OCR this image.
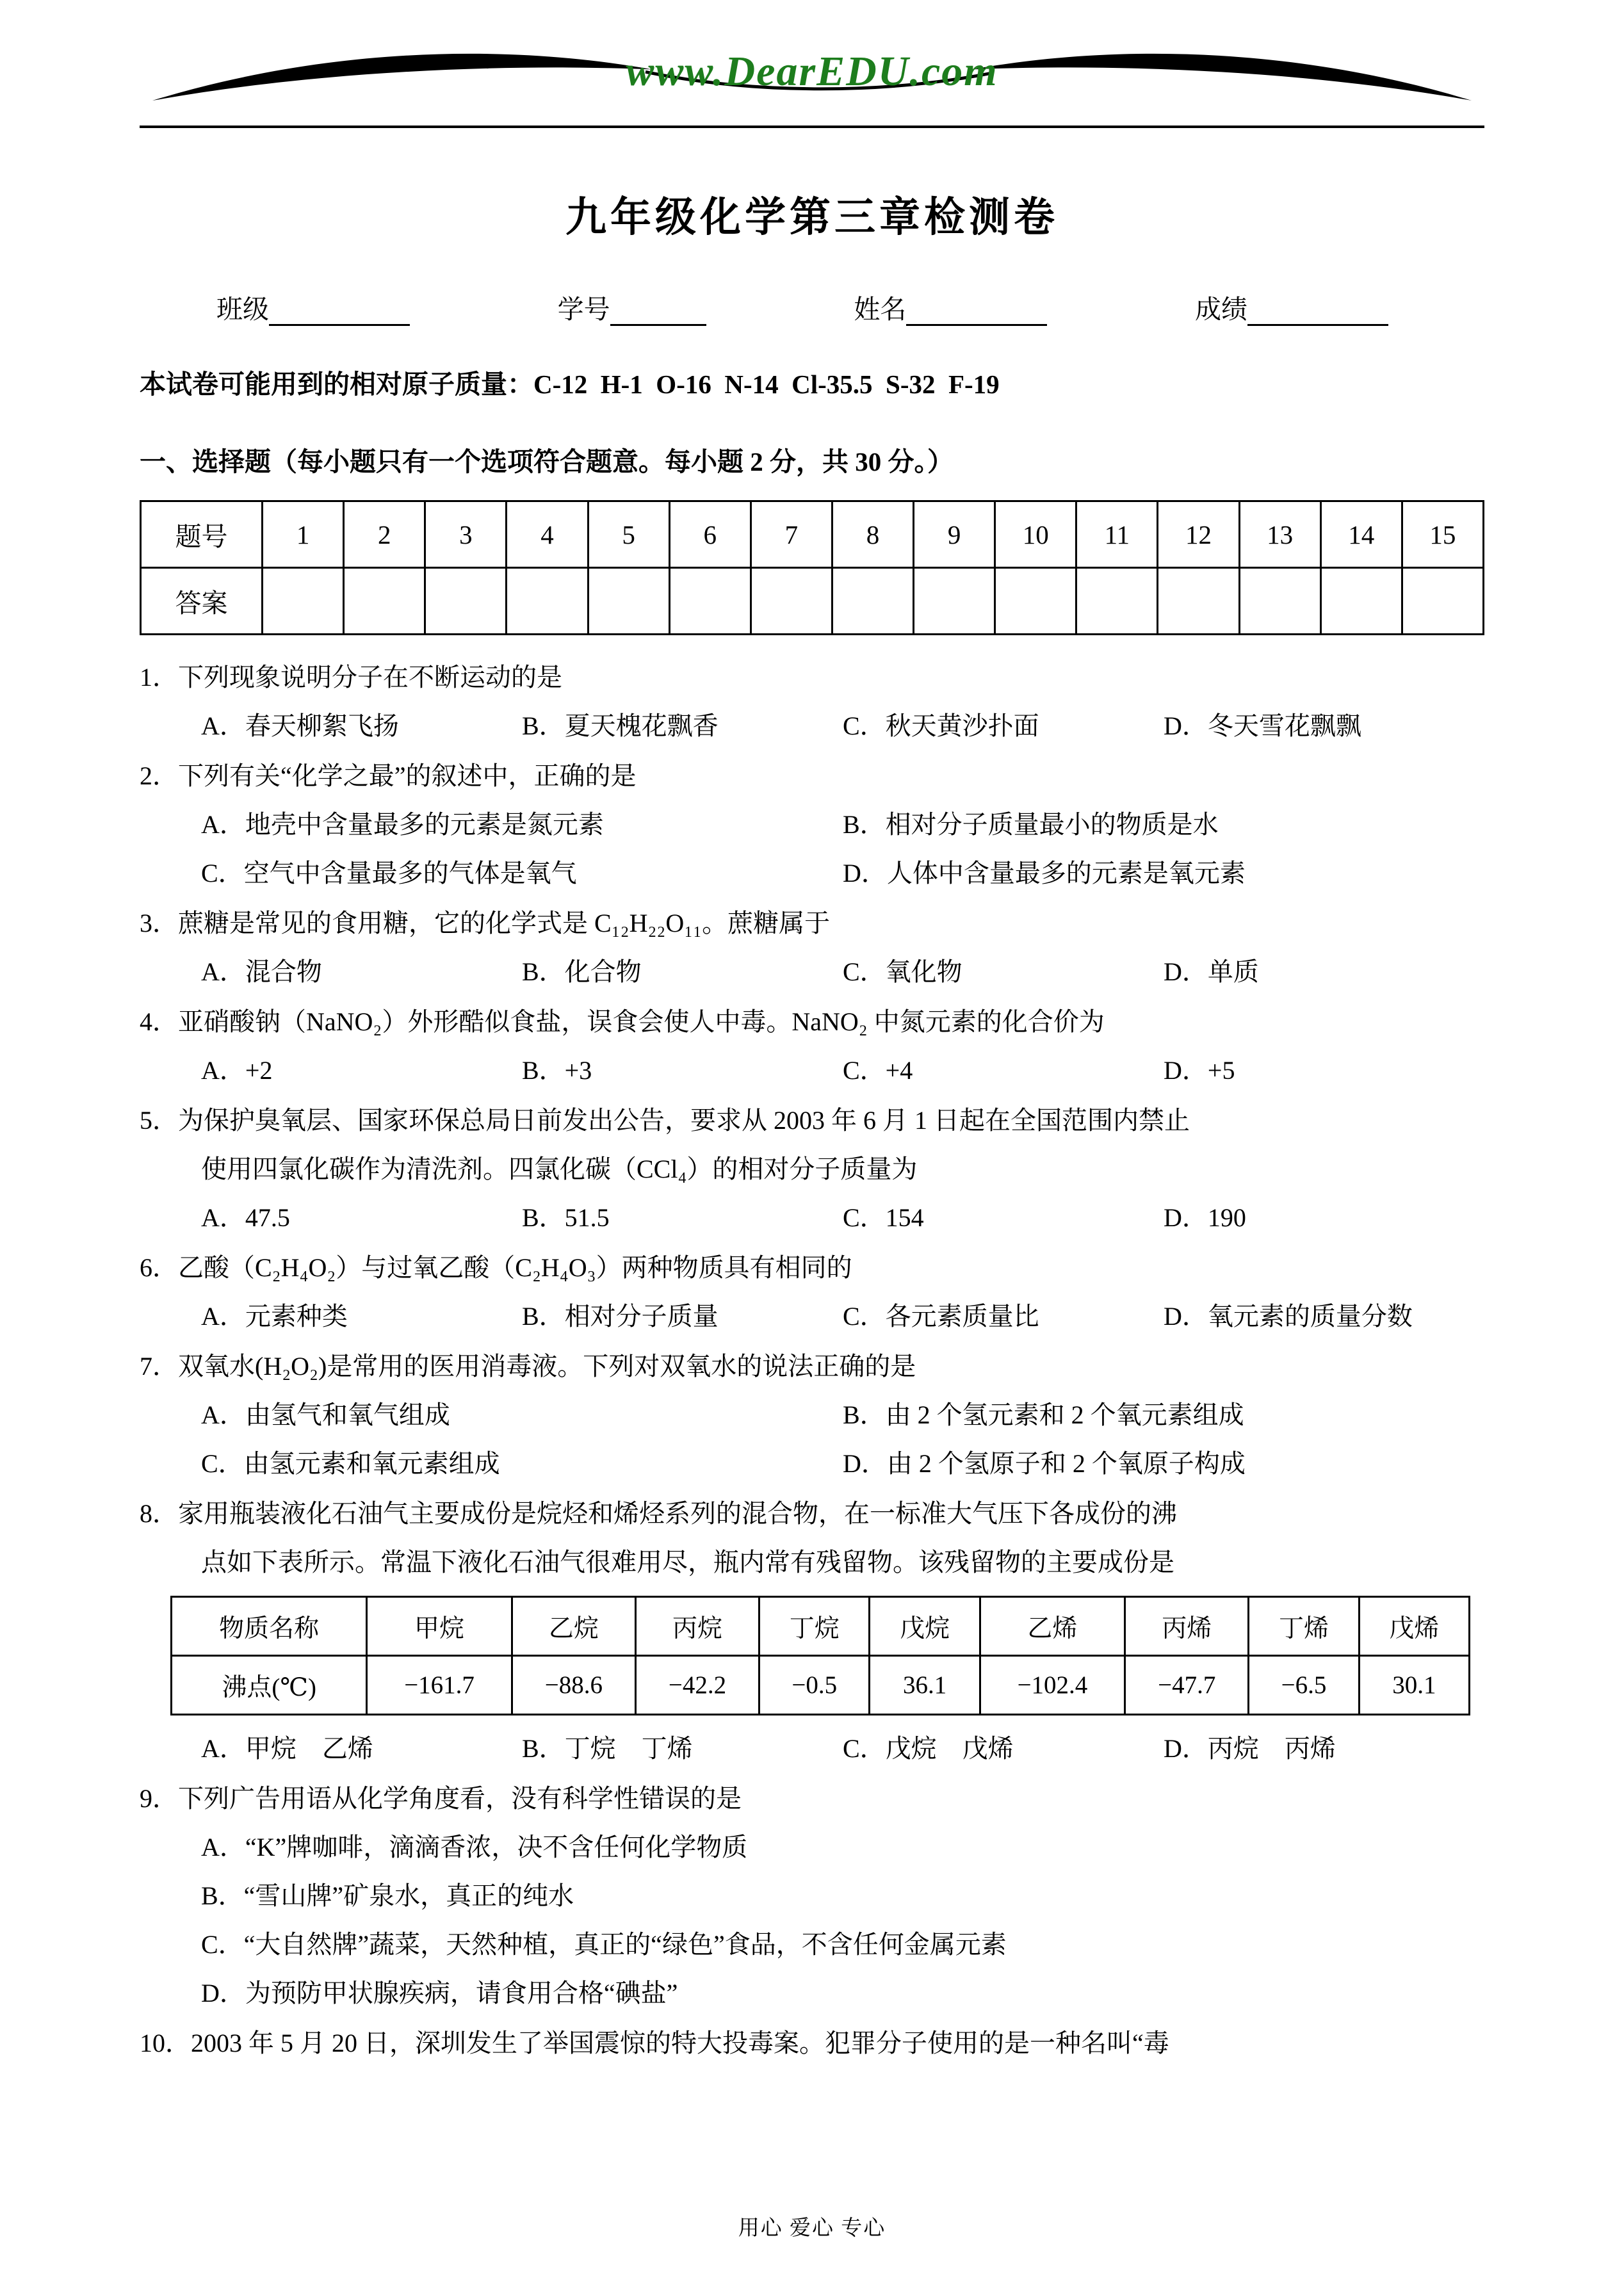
www.DearEDU.com
九年级化学第三章检测卷
班级	学号	姓名	成绩
本试卷可能用到的相对原子质量：C-12  H-1  O-16  N-14  Cl-35.5  S-32  F-19
一、选择题（每小题只有一个选项符合题意。每小题 2 分，共 30 分。）
题号	1	2	3	4	5	6	7	8	9	10	11	12	13	14	15
答案															
1．下列现象说明分子在不断运动的是
A．春天柳絮飞扬	B．夏天槐花飘香	C．秋天黄沙扑面	D．冬天雪花飘飘
2．下列有关“化学之最”的叙述中，正确的是
A．地壳中含量最多的元素是氮元素	B．相对分子质量最小的物质是水
C．空气中含量最多的气体是氧气	D．人体中含量最多的元素是氧元素
3．蔗糖是常见的食用糖，它的化学式是 C₁₂H₂₂O₁₁。蔗糖属于
A．混合物	B．化合物	C．氧化物	D．单质
4．亚硝酸钠（NaNO₂）外形酷似食盐，误食会使人中毒。NaNO₂ 中氮元素的化合价为
A．+2	B．+3	C．+4	D．+5
5．为保护臭氧层、国家环保总局日前发出公告，要求从 2003 年 6 月 1 日起在全国范围内禁止
使用四氯化碳作为清洗剂。四氯化碳（CCl₄）的相对分子质量为
A．47.5	B．51.5	C．154	D．190
6．乙酸（C₂H₄O₂）与过氧乙酸（C₂H₄O₃）两种物质具有相同的
A．元素种类	B．相对分子质量	C．各元素质量比	D．氧元素的质量分数
7．双氧水(H₂O₂)是常用的医用消毒液。下列对双氧水的说法正确的是
A．由氢气和氧气组成	B．由 2 个氢元素和 2 个氧元素组成
C．由氢元素和氧元素组成	D．由 2 个氢原子和 2 个氧原子构成
8．家用瓶装液化石油气主要成份是烷烃和烯烃系列的混合物，在一标准大气压下各成份的沸
点如下表所示。常温下液化石油气很难用尽，瓶内常有残留物。该残留物的主要成份是
物质名称	甲烷	乙烷	丙烷	丁烷	戊烷	乙烯	丙烯	丁烯	戊烯
沸点(℃)	−161.7	−88.6	−42.2	−0.5	36.1	−102.4	−47.7	−6.5	30.1
A．甲烷　乙烯	B．丁烷　丁烯	C．戊烷　戊烯	D．丙烷　丙烯
9．下列广告用语从化学角度看，没有科学性错误的是
A．“K”牌咖啡，滴滴香浓，决不含任何化学物质
B．“雪山牌”矿泉水，真正的纯水
C．“大自然牌”蔬菜，天然种植，真正的“绿色”食品，不含任何金属元素
D．为预防甲状腺疾病，请食用合格“碘盐”
10．2003 年 5 月 20 日，深圳发生了举国震惊的特大投毒案。犯罪分子使用的是一种名叫“毒
用心 爱心 专心
